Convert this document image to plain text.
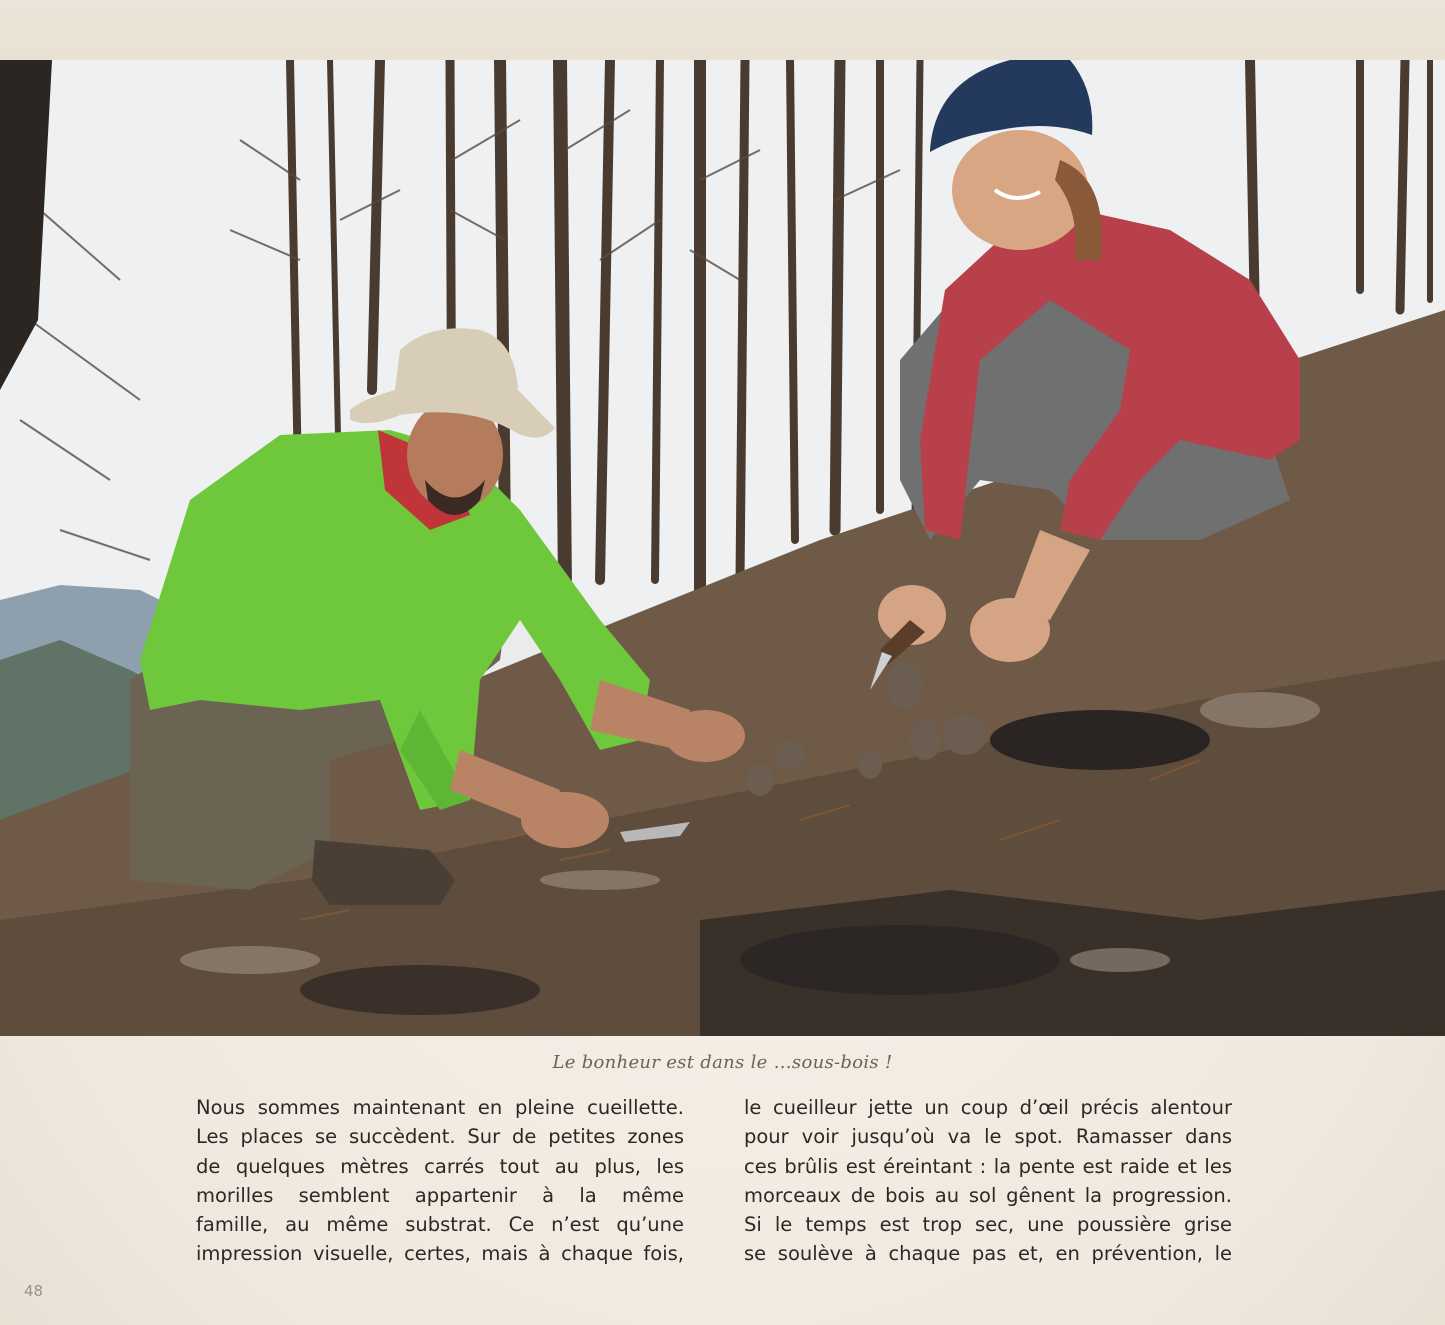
Le bonheur est dans le …sous-bois !
Nous sommes maintenant en pleine cueillette.
Les places se succèdent. Sur de petites zones
de quelques mètres carrés tout au plus, les
morilles semblent appartenir à la même
famille, au même substrat. Ce n’est qu’une
impression visuelle, certes, mais à chaque fois,
le cueilleur jette un coup d’œil précis alentour
pour voir jusqu’où va le spot. Ramasser dans
ces brûlis est éreintant : la pente est raide et les
morceaux de bois au sol gênent la progression.
Si le temps est trop sec, une poussière grise
se soulève à chaque pas et, en prévention, le
48
